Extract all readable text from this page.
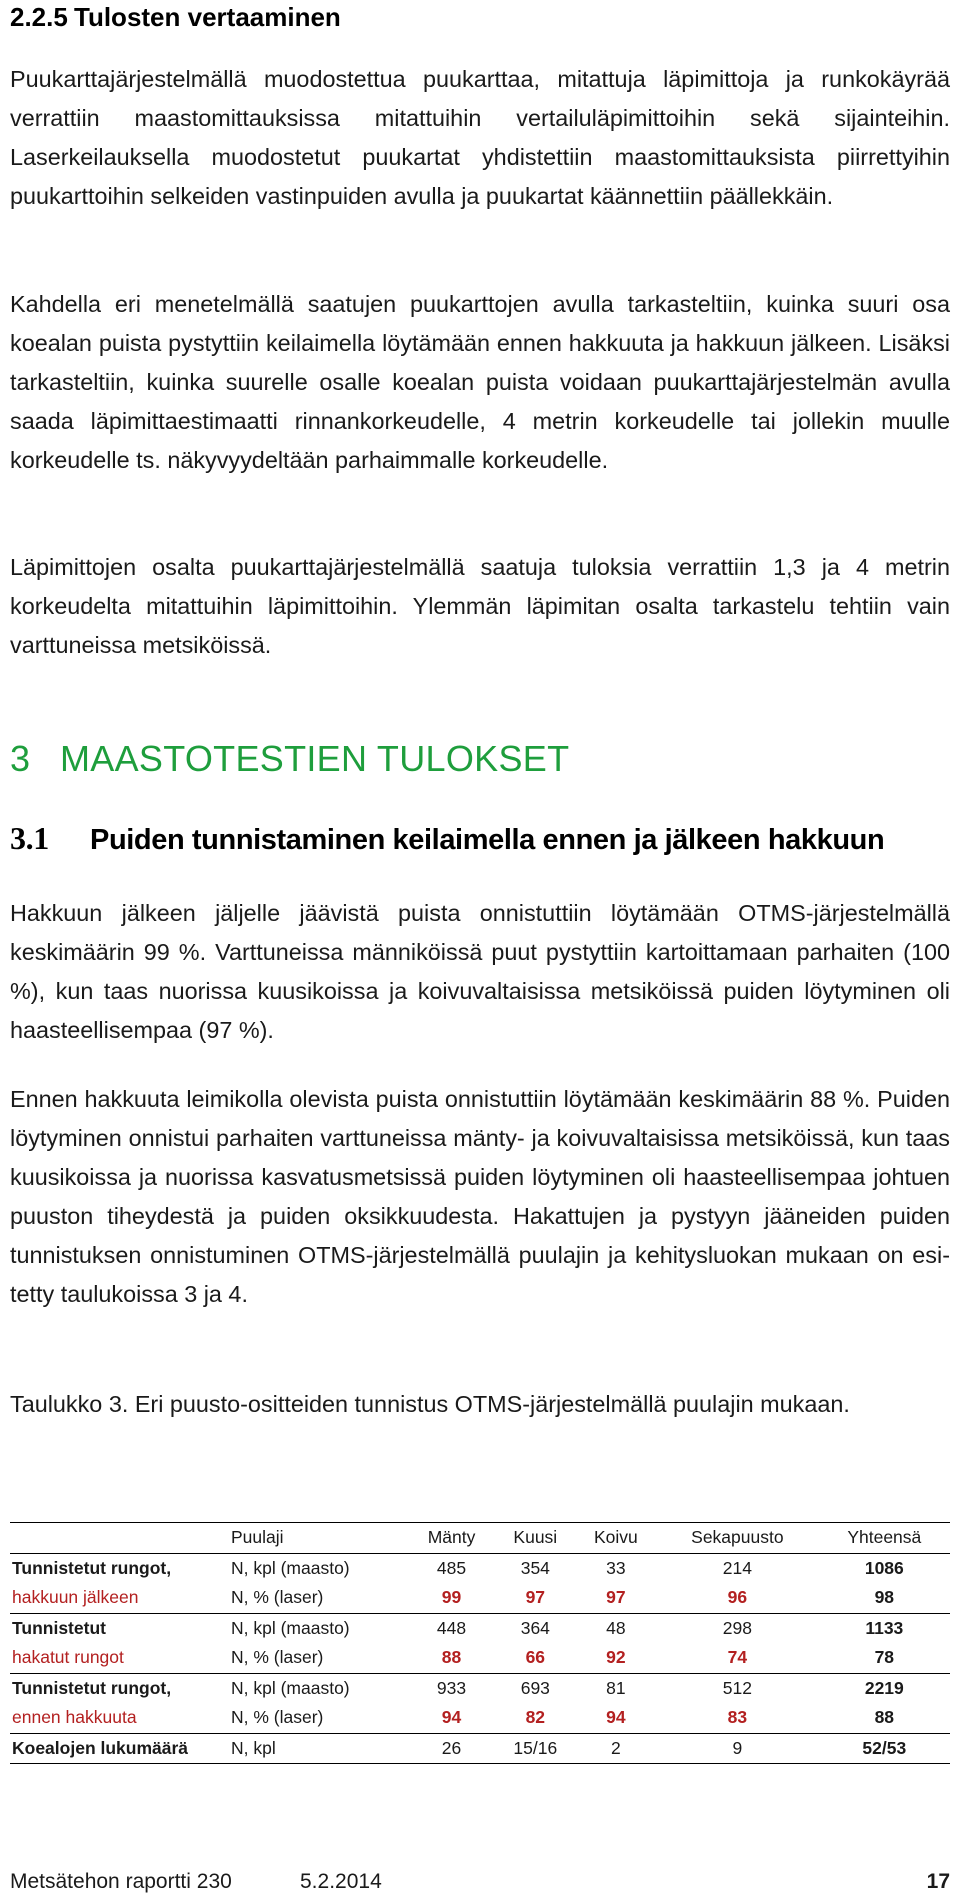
2.2.5 Tulosten vertaaminen

Puukarttajärjestelmällä muodostettua puukarttaa, mitattuja läpimittoja ja runkokäyrää verrattiin maastomittauksissa mitattuihin vertailuläpimittoihin sekä sijainteihin. Laserkeilauksella muodostetut puukartat yhdistettiin maastomittauksista piirrettyihin puukarttoihin selkeiden vastinpuiden avulla ja puukartat käännettiin päällekkäin.

Kahdella eri menetelmällä saatujen puukarttojen avulla tarkasteltiin, kuinka suuri osa koealan puista pystyttiin keilaimella löytämään ennen hakkuuta ja hakkuun jälkeen. Lisäksi tarkasteltiin, kuinka suurelle osalle koealan puista voidaan puukarttajärjestelmän avulla saada läpimittaestimaatti rinnankorkeudelle, 4 metrin korkeudelle tai jollekin muulle korkeudelle ts. näkyvyydeltään parhaimmalle korkeudelle.

Läpimittojen osalta puukarttajärjestelmällä saatuja tuloksia verrattiin 1,3 ja 4 metrin korkeudelta mitattuihin läpimittoihin. Ylemmän läpimitan osalta tarkastelu tehtiin vain varttuneissa metsiköissä.

3 MAASTOTESTIEN TULOKSET
3.1 Puiden tunnistaminen keilaimella ennen ja jälkeen hakkuun

Hakkuun jälkeen jäljelle jäävistä puista onnistuttiin löytämään OTMS-järjestelmällä keskimäärin 99 %. Varttuneissa männiköissä puut pystyttiin kartoittamaan parhaiten (100 %), kun taas nuorissa kuusikoissa ja koivuvaltaisissa metsiköissä puiden löytyminen oli haasteellisempaa (97 %).

Ennen hakkuuta leimikolla olevista puista onnistuttiin löytämään keskimäärin 88 %. Puiden löytyminen onnistui parhaiten varttuneissa mänty- ja koivuvaltaisissa metsiköissä, kun taas kuusikoissa ja nuorissa kasvatusmetsissä puiden löytyminen oli haasteellisempaa johtuen puuston tiheydestä ja puiden oksikkuudesta. Hakattujen ja pystyyn jääneiden puiden tunnistuksen onnistuminen OTMS-järjestelmällä puulajin ja kehitysluokan mukaan on esitetty taulukoissa 3 ja 4.

Taulukko 3. Eri puusto-ositteiden tunnistus OTMS-järjestelmällä puulajin mukaan.

	Puulaji	Mänty	Kuusi	Koivu	Sekapuusto	Yhteensä
Tunnistetut rungot,	N, kpl (maasto)	485	354	33	214	1086
hakkuun jälkeen	N, % (laser)	99	97	97	96	98
Tunnistetut	N, kpl (maasto)	448	364	48	298	1133
hakatut rungot	N, % (laser)	88	66	92	74	78
Tunnistetut rungot,	N, kpl (maasto)	933	693	81	512	2219
ennen hakkuuta	N, % (laser)	94	82	94	83	88
Koealojen lukumäärä	N, kpl	26	15/16	2	9	52/53
Metsätehon raportti 230	5.2.2014	17
